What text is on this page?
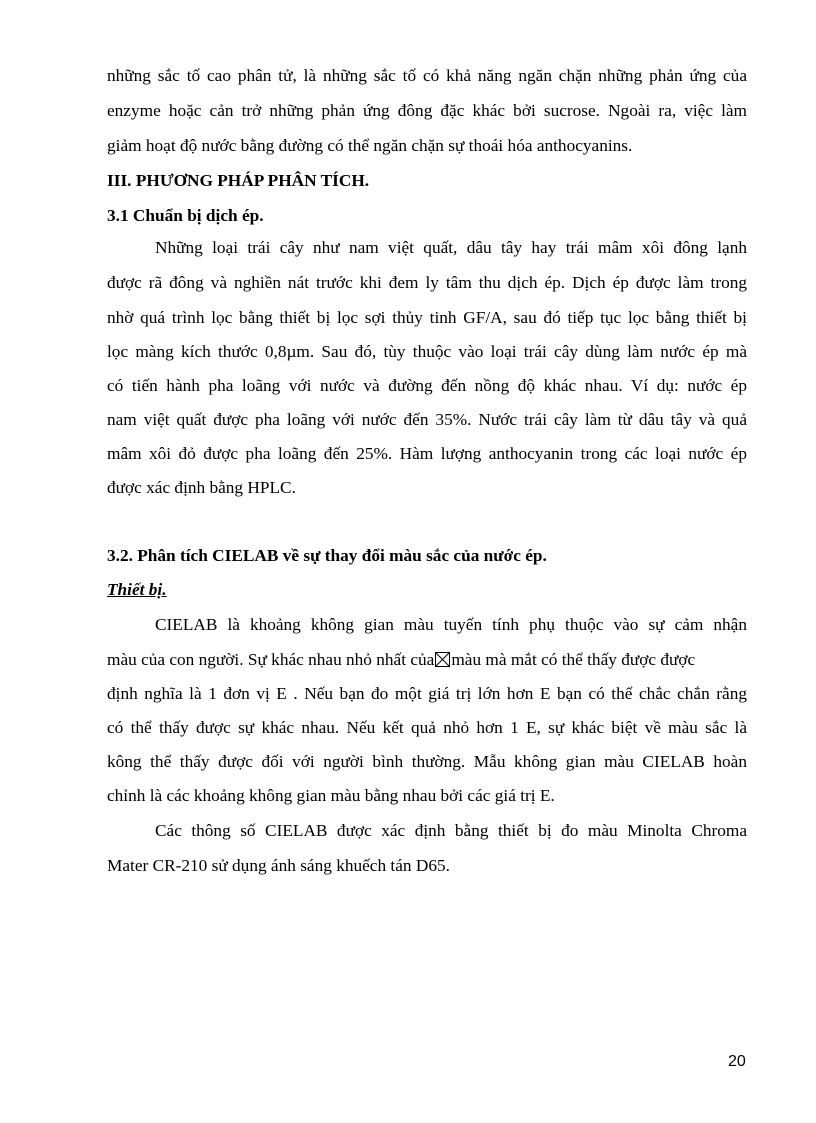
những sắc tố cao phân tử, là những sắc tố có khả năng ngăn chặn những phản ứng của
enzyme hoặc cản trở những phản ứng đông đặc khác bởi sucrose. Ngoài ra, việc làm
giảm hoạt độ nước bằng đường có thể ngăn chặn sự thoái hóa anthocyanins.
III. PHƯƠNG PHÁP PHÂN TÍCH.
3.1 Chuẩn bị dịch ép.
Những loại trái cây như nam việt quất, dâu tây hay trái mâm xôi đông lạnh
được rã đông và nghiền nát trước khi đem ly tâm thu dịch ép. Dịch ép được làm trong
nhờ quá trình lọc bằng thiết bị lọc sợi thủy tinh GF/A, sau đó tiếp tục lọc bằng thiết bị
lọc màng kích thước 0,8µm. Sau đó, tùy thuộc vào loại trái cây dùng làm nước ép mà
có tiến hành pha loãng với nước và đường đến nồng độ khác nhau. Ví dụ: nước ép
nam việt quất được pha loãng với nước đến 35%. Nước trái cây làm từ dâu tây và quả
mâm xôi đỏ được pha loãng đến 25%. Hàm lượng anthocyanin trong các loại nước ép
được xác định bằng HPLC.
3.2. Phân tích CIELAB về sự thay đổi màu sắc của nước ép.
Thiết bị.
CIELAB là khoảng không gian màu tuyến tính phụ thuộc vào sự cảm nhận
màu của con người. Sự khác nhau nhỏ nhất của màu mà mắt có thể thấy được được
định nghĩa là 1 đơn vị E . Nếu bạn đo một giá trị lớn hơn E bạn có thể chắc chắn rằng
có thể thấy được sự khác nhau. Nếu kết quả nhỏ hơn 1 E, sự khác biệt về màu sắc là
kông thể thấy được đối với người bình thường. Mẫu không gian màu CIELAB hoàn
chỉnh là các khoảng không gian màu bằng nhau bởi các giá trị E.
Các thông số CIELAB được xác định bằng thiết bị đo màu Minolta Chroma
Mater CR-210 sử dụng ánh sáng khuếch tán D65.
20
